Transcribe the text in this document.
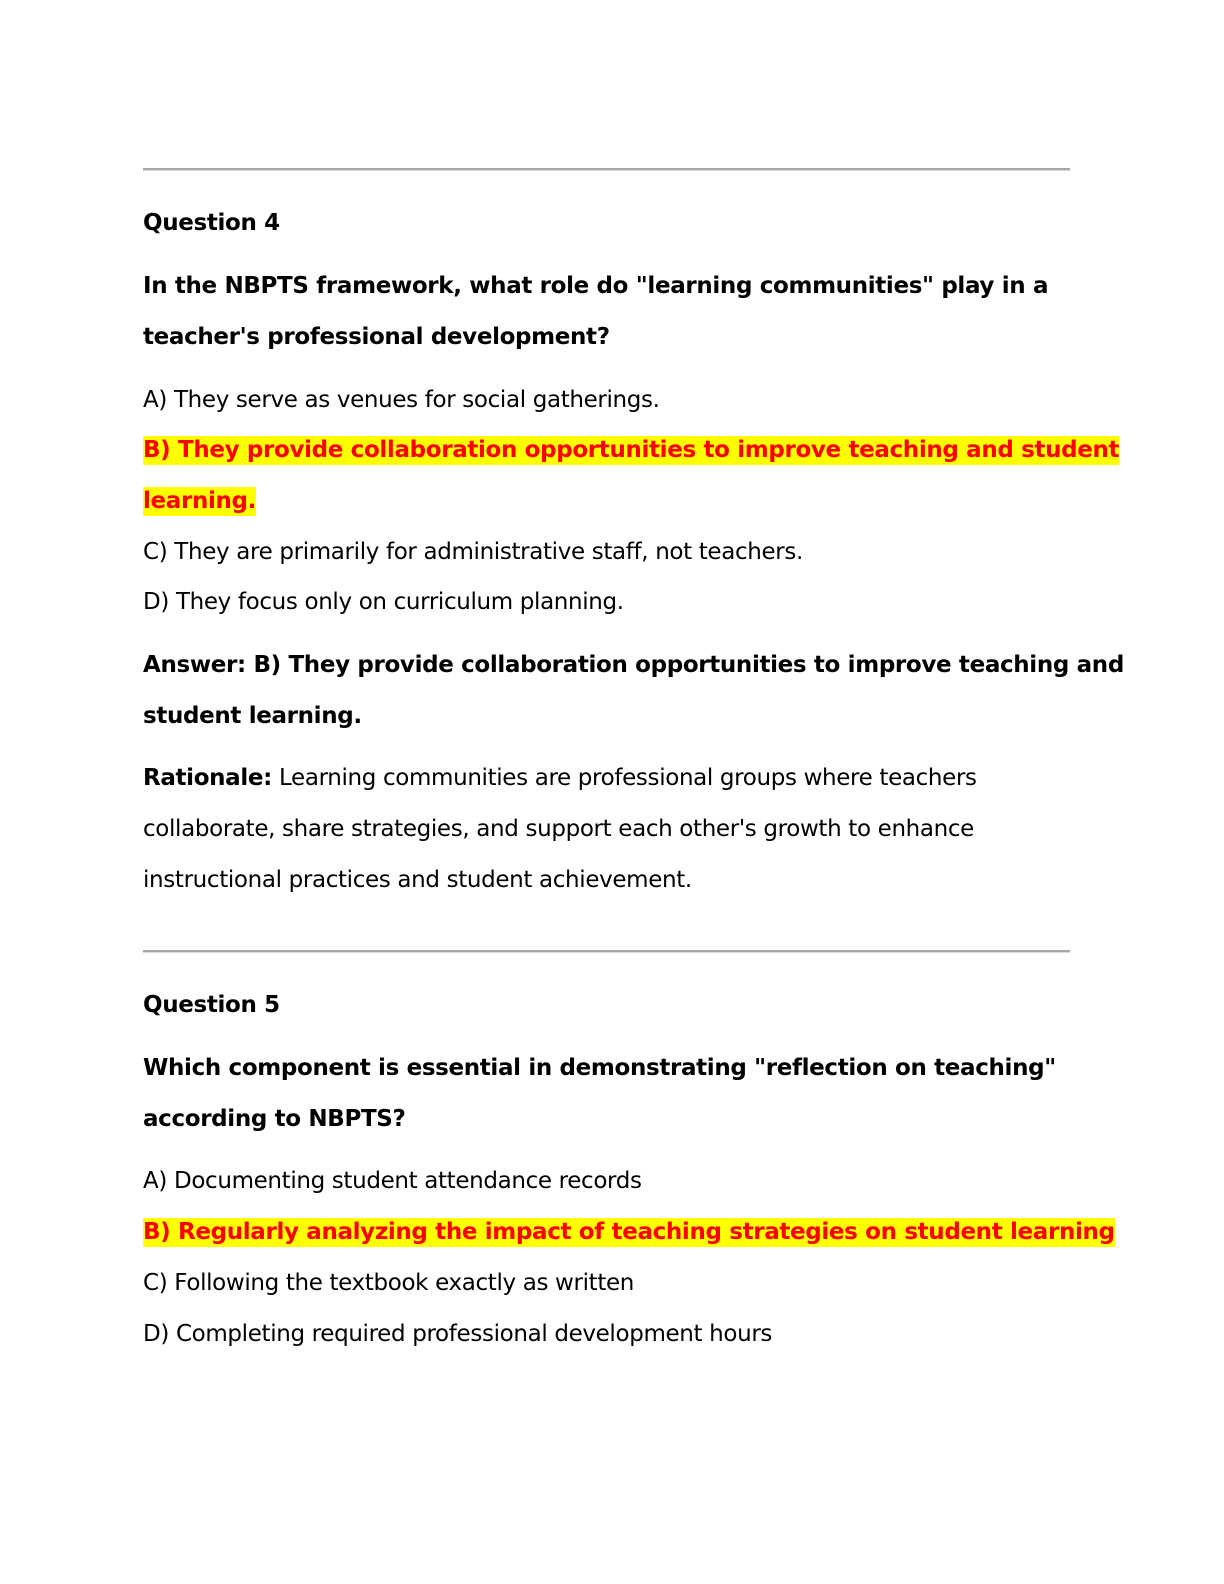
Question 4
In the NBPTS framework, what role do "learning communities" play in a
teacher's professional development?
A) They serve as venues for social gatherings.
B) They provide collaboration opportunities to improve teaching and student
learning.
C) They are primarily for administrative staff, not teachers.
D) They focus only on curriculum planning.
Answer: B) They provide collaboration opportunities to improve teaching and
student learning.
Rationale: Learning communities are professional groups where teachers
collaborate, share strategies, and support each other's growth to enhance
instructional practices and student achievement.
Question 5
Which component is essential in demonstrating "reflection on teaching"
according to NBPTS?
A) Documenting student attendance records
B) Regularly analyzing the impact of teaching strategies on student learning
C) Following the textbook exactly as written
D) Completing required professional development hours
